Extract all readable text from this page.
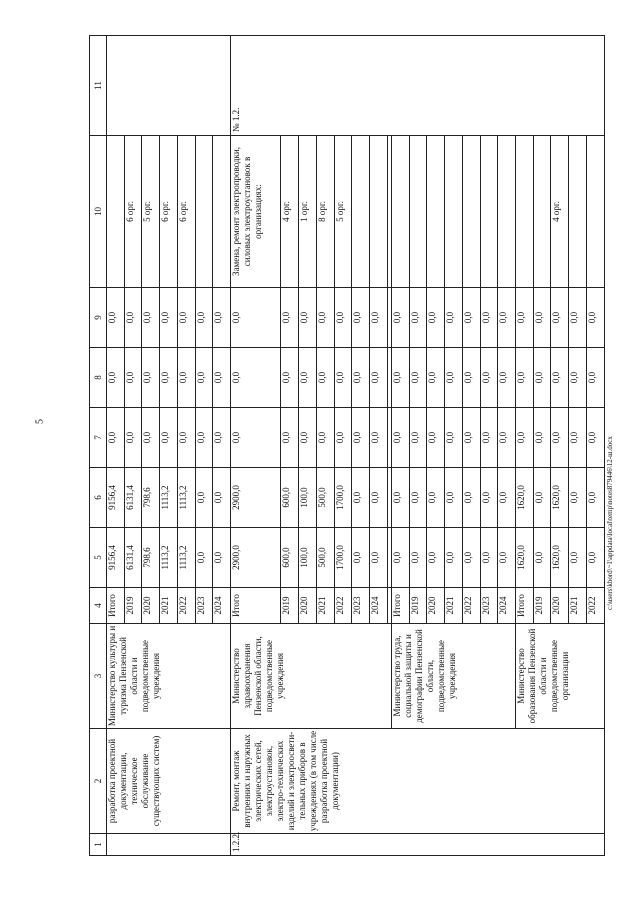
5
1	2	3	4	5	6	7	8	9	10	11
	разработка проектной документации, техническое обслуживание существующих систем)	Министерство культуры и туризма Пензенской области и подведомственные учреждения	Итого	9156,4	9156,4	0,0	0,0	0,0		
			2019	6131,4	6131,4	0,0	0,0	0,0	6 орг.	
			2020	798,6	798,6	0,0	0,0	0,0	5 орг.	
			2021	1113,2	1113,2	0,0	0,0	0,0	6 орг.	
			2022	1113,2	1113,2	0,0	0,0	0,0	6 орг.	
			2023	0,0	0,0	0,0	0,0	0,0		
			2024	0,0	0,0	0,0	0,0	0,0		
1.2.2.	Ремонт, монтаж внутренних и наружных электрических сетей, электроустановок, электро-технических изделий и электроосвети-тельных приборов в учреждениях (в том числе разработка проектной документации)	Министерство здравоохранения Пензенской области, подведомственные учреждения	Итого	2900,0	2900,0	0,0	0,0	0,0	Замена, ремонт электропроводки, силовых электроустановок в организациях:	№ 1.2.
			2019	600,0	600,0	0,0	0,0	0,0	4 орг.	
			2020	100,0	100,0	0,0	0,0	0,0	1 орг.	
			2021	500,0	500,0	0,0	0,0	0,0	8 орг.	
			2022	1700,0	1700,0	0,0	0,0	0,0	5 орг.	
			2023	0,0	0,0	0,0	0,0	0,0		
			2024	0,0	0,0	0,0	0,0	0,0		

		Министерство труда, социальной защиты и демографии Пензенской области, подведомственные учреждения	Итого	0,0	0,0	0,0	0,0	0,0		
			2019	0,0	0,0	0,0	0,0	0,0		
			2020	0,0	0,0	0,0	0,0	0,0		
			2021	0,0	0,0	0,0	0,0	0,0		
			2022	0,0	0,0	0,0	0,0	0,0		
			2023	0,0	0,0	0,0	0,0	0,0		
			2024	0,0	0,0	0,0	0,0	0,0		
		Министерство образования Пензенской области и подведомственные организации	Итого	1620,0	1620,0	0,0	0,0	0,0		
			2019	0,0	0,0	0,0	0,0	0,0		
			2020	1620,0	1620,0	0,0	0,0	0,0	4 орг.	
			2021	0,0	0,0	0,0	0,0	0,0		
			2022	0,0	0,0	0,0	0,0	0,0		
c:\users\kbord\~1\appdata\local\temp\notes879446\12-ш.docx
